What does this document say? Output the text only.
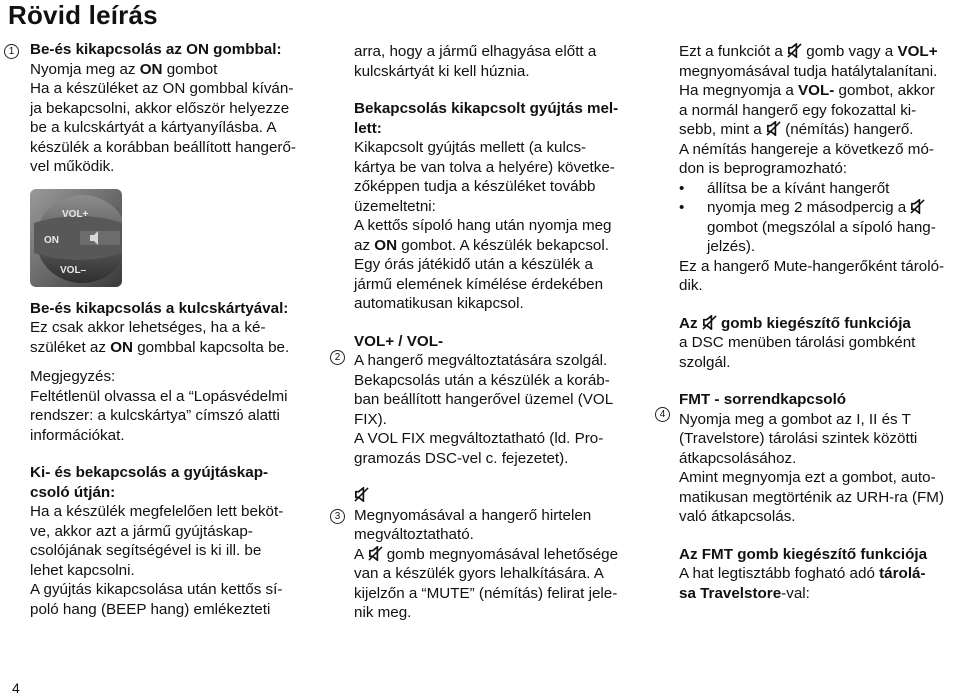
Rövid leírás
1	Be-és kikapcsolás az ON gombbal:
Nyomja meg az ON gombot
Ha a készüléket az ON gombbal kíván-
ja bekapcsolni, akkor először helyezze
be a kulcskártyát a kártyanyílásba. A
készülék a korábban beállított hangerő-
vel működik.
VOL+
ON
VOL–
Be-és kikapcsolás a kulcskártyával:
Ez csak akkor lehetséges, ha a ké-
szüléket az ON gombbal kapcsolta be.
Megjegyzés:
Feltétlenül olvassa el a “Lopásvédelmi
rendszer: a kulcskártya” címszó alatti
információkat.
Ki- és bekapcsolás a gyújtáskap-
csoló útján:
Ha a készülék megfelelően lett beköt-
ve, akkor azt a jármű gyújtáskap-
csolójának segítségével is ki ill. be
lehet kapcsolni.
A gyújtás kikapcsolása után kettős sí-
poló hang (BEEP hang) emlékezteti
arra, hogy a jármű elhagyása előtt a
kulcskártyát ki kell húznia.
Bekapcsolás kikapcsolt gyújtás mel-
lett:
Kikapcsolt gyújtás mellett (a kulcs-
kártya be van tolva a helyére) követke-
zőképpen tudja a készüléket tovább
üzemeltetni:
A kettős sípoló hang után nyomja meg
az ON gombot. A készülék bekapcsol.
Egy órás játékidő után a készülék a
jármű elemének kímélése érdekében
automatikusan kikapcsol.
VOL+ / VOL-
A hangerő megváltoztatására szolgál.
Bekapcsolás után a készülék a koráb-
ban beállított hangerővel üzemel (VOL
FIX).
A VOL FIX megváltoztatható (ld. Pro-
gramozás DSC-vel c. fejezetet).
Megnyomásával a hangerő hirtelen
megváltoztatható.
A  gomb megnyomásával lehetősége
van a készülék gyors lehalkítására. A
kijelzőn a “MUTE” (némítás) felirat jele-
nik meg.
2
3
Ezt a funkciót a  gomb vagy a VOL+
megnyomásával tudja hatálytalanítani.
Ha megnyomja a VOL- gombot, akkor
a normál hangerő egy fokozattal ki-
sebb, mint a  (némítás) hangerő.
A némítás hangereje a következő mó-
don is beprogramozható:
• állítsa be a kívánt hangerőt
• nyomja meg 2 másodpercig a
gombot (megszólal a sípoló hang-
jelzés).
Ez a hangerő Mute-hangerőként tároló-
dik.
Az  gomb kiegészítő funkciója
a DSC menüben tárolási gombként
szolgál.
FMT - sorrendkapcsoló
Nyomja meg a gombot az I, II és T
(Travelstore) tárolási szintek közötti
átkapcsolásához.
Amint megnyomja ezt a gombot, auto-
matikusan megtörténik az URH-ra (FM)
való átkapcsolás.
Az FMT gomb kiegészítő funkciója
A hat legtisztább fogható adó tárolá-
sa Travelstore-val:
4
4
